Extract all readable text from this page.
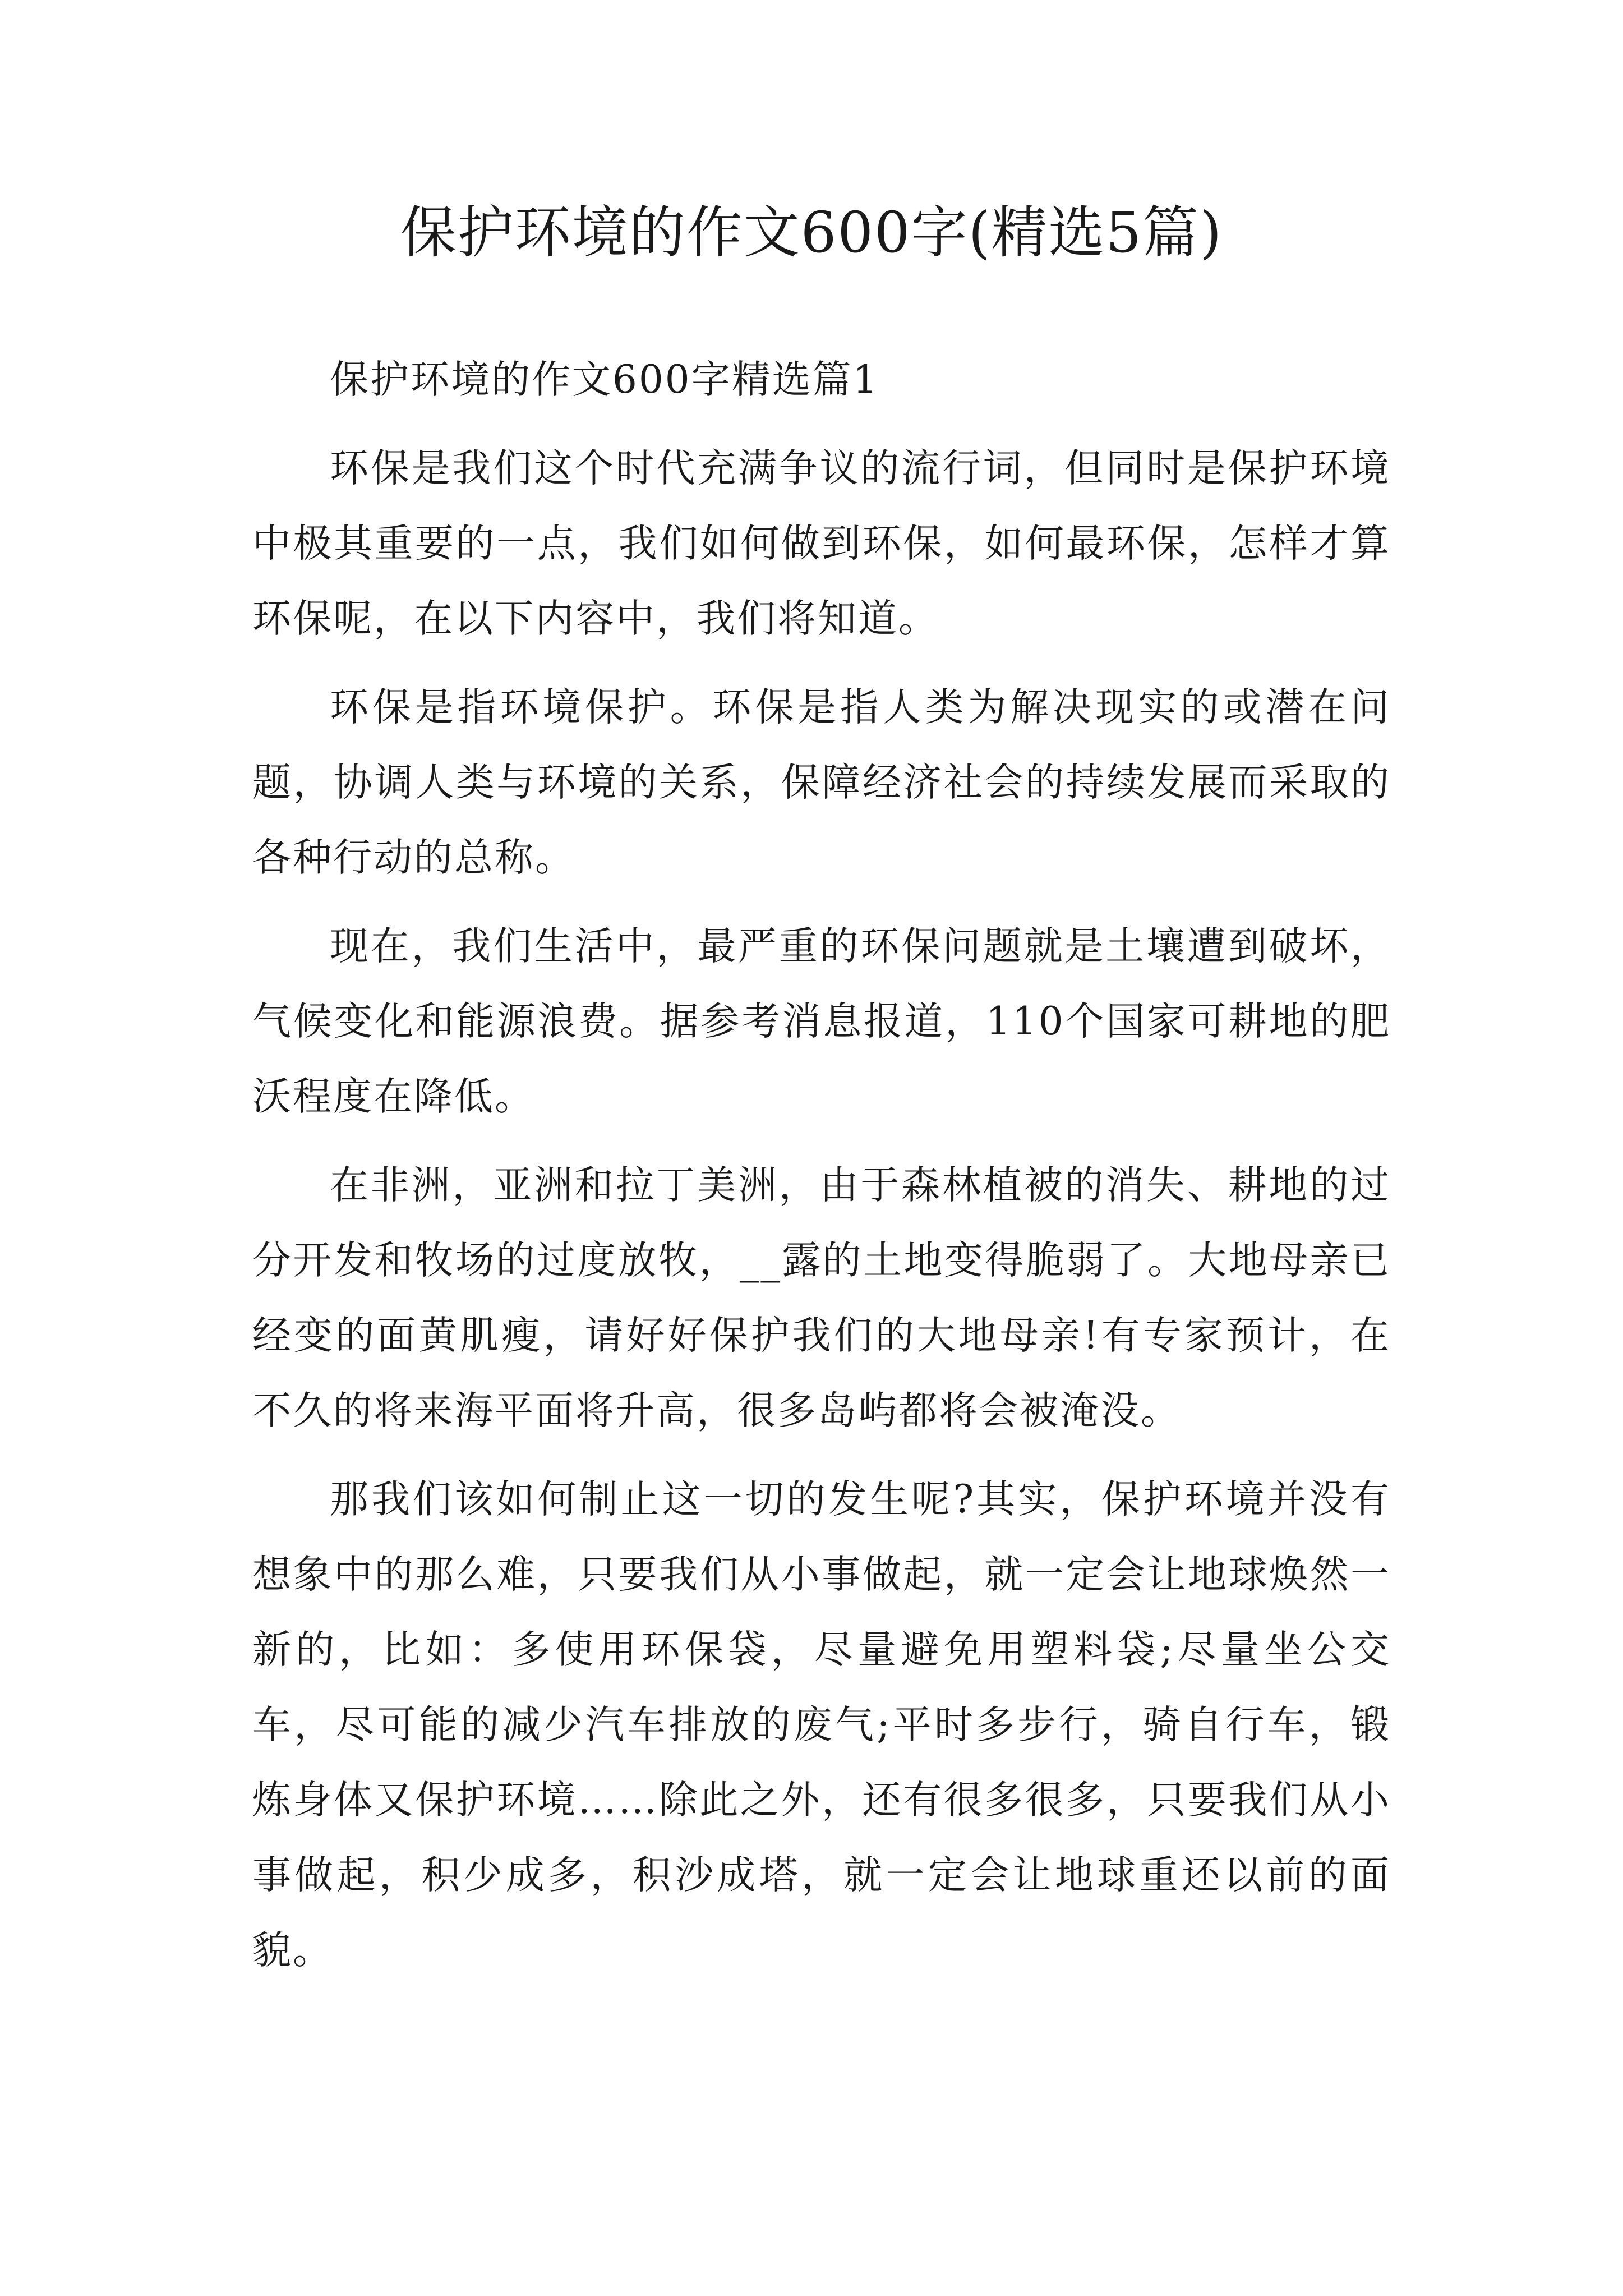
保护环境的作文600字(精选5篇)

保护环境的作文600字精选篇1

环保是我们这个时代充满争议的流行词，但同时是保护环境中极其重要的一点，我们如何做到环保，如何最环保，怎样才算环保呢，在以下内容中，我们将知道。

环保是指环境保护。环保是指人类为解决现实的或潜在问题，协调人类与环境的关系，保障经济社会的持续发展而采取的各种行动的总称。

现在，我们生活中，最严重的环保问题就是土壤遭到破坏，气候变化和能源浪费。据参考消息报道，110个国家可耕地的肥沃程度在降低。

在非洲，亚洲和拉丁美洲，由于森林植被的消失、耕地的过分开发和牧场的过度放牧，__露的土地变得脆弱了。大地母亲已经变的面黄肌瘦，请好好保护我们的大地母亲!有专家预计，在不久的将来海平面将升高，很多岛屿都将会被淹没。

那我们该如何制止这一切的发生呢?其实，保护环境并没有想象中的那么难，只要我们从小事做起，就一定会让地球焕然一新的，比如：多使用环保袋，尽量避免用塑料袋;尽量坐公交车，尽可能的减少汽车排放的废气;平时多步行，骑自行车，锻炼身体又保护环境……除此之外，还有很多很多，只要我们从小事做起，积少成多，积沙成塔，就一定会让地球重还以前的面貌。
